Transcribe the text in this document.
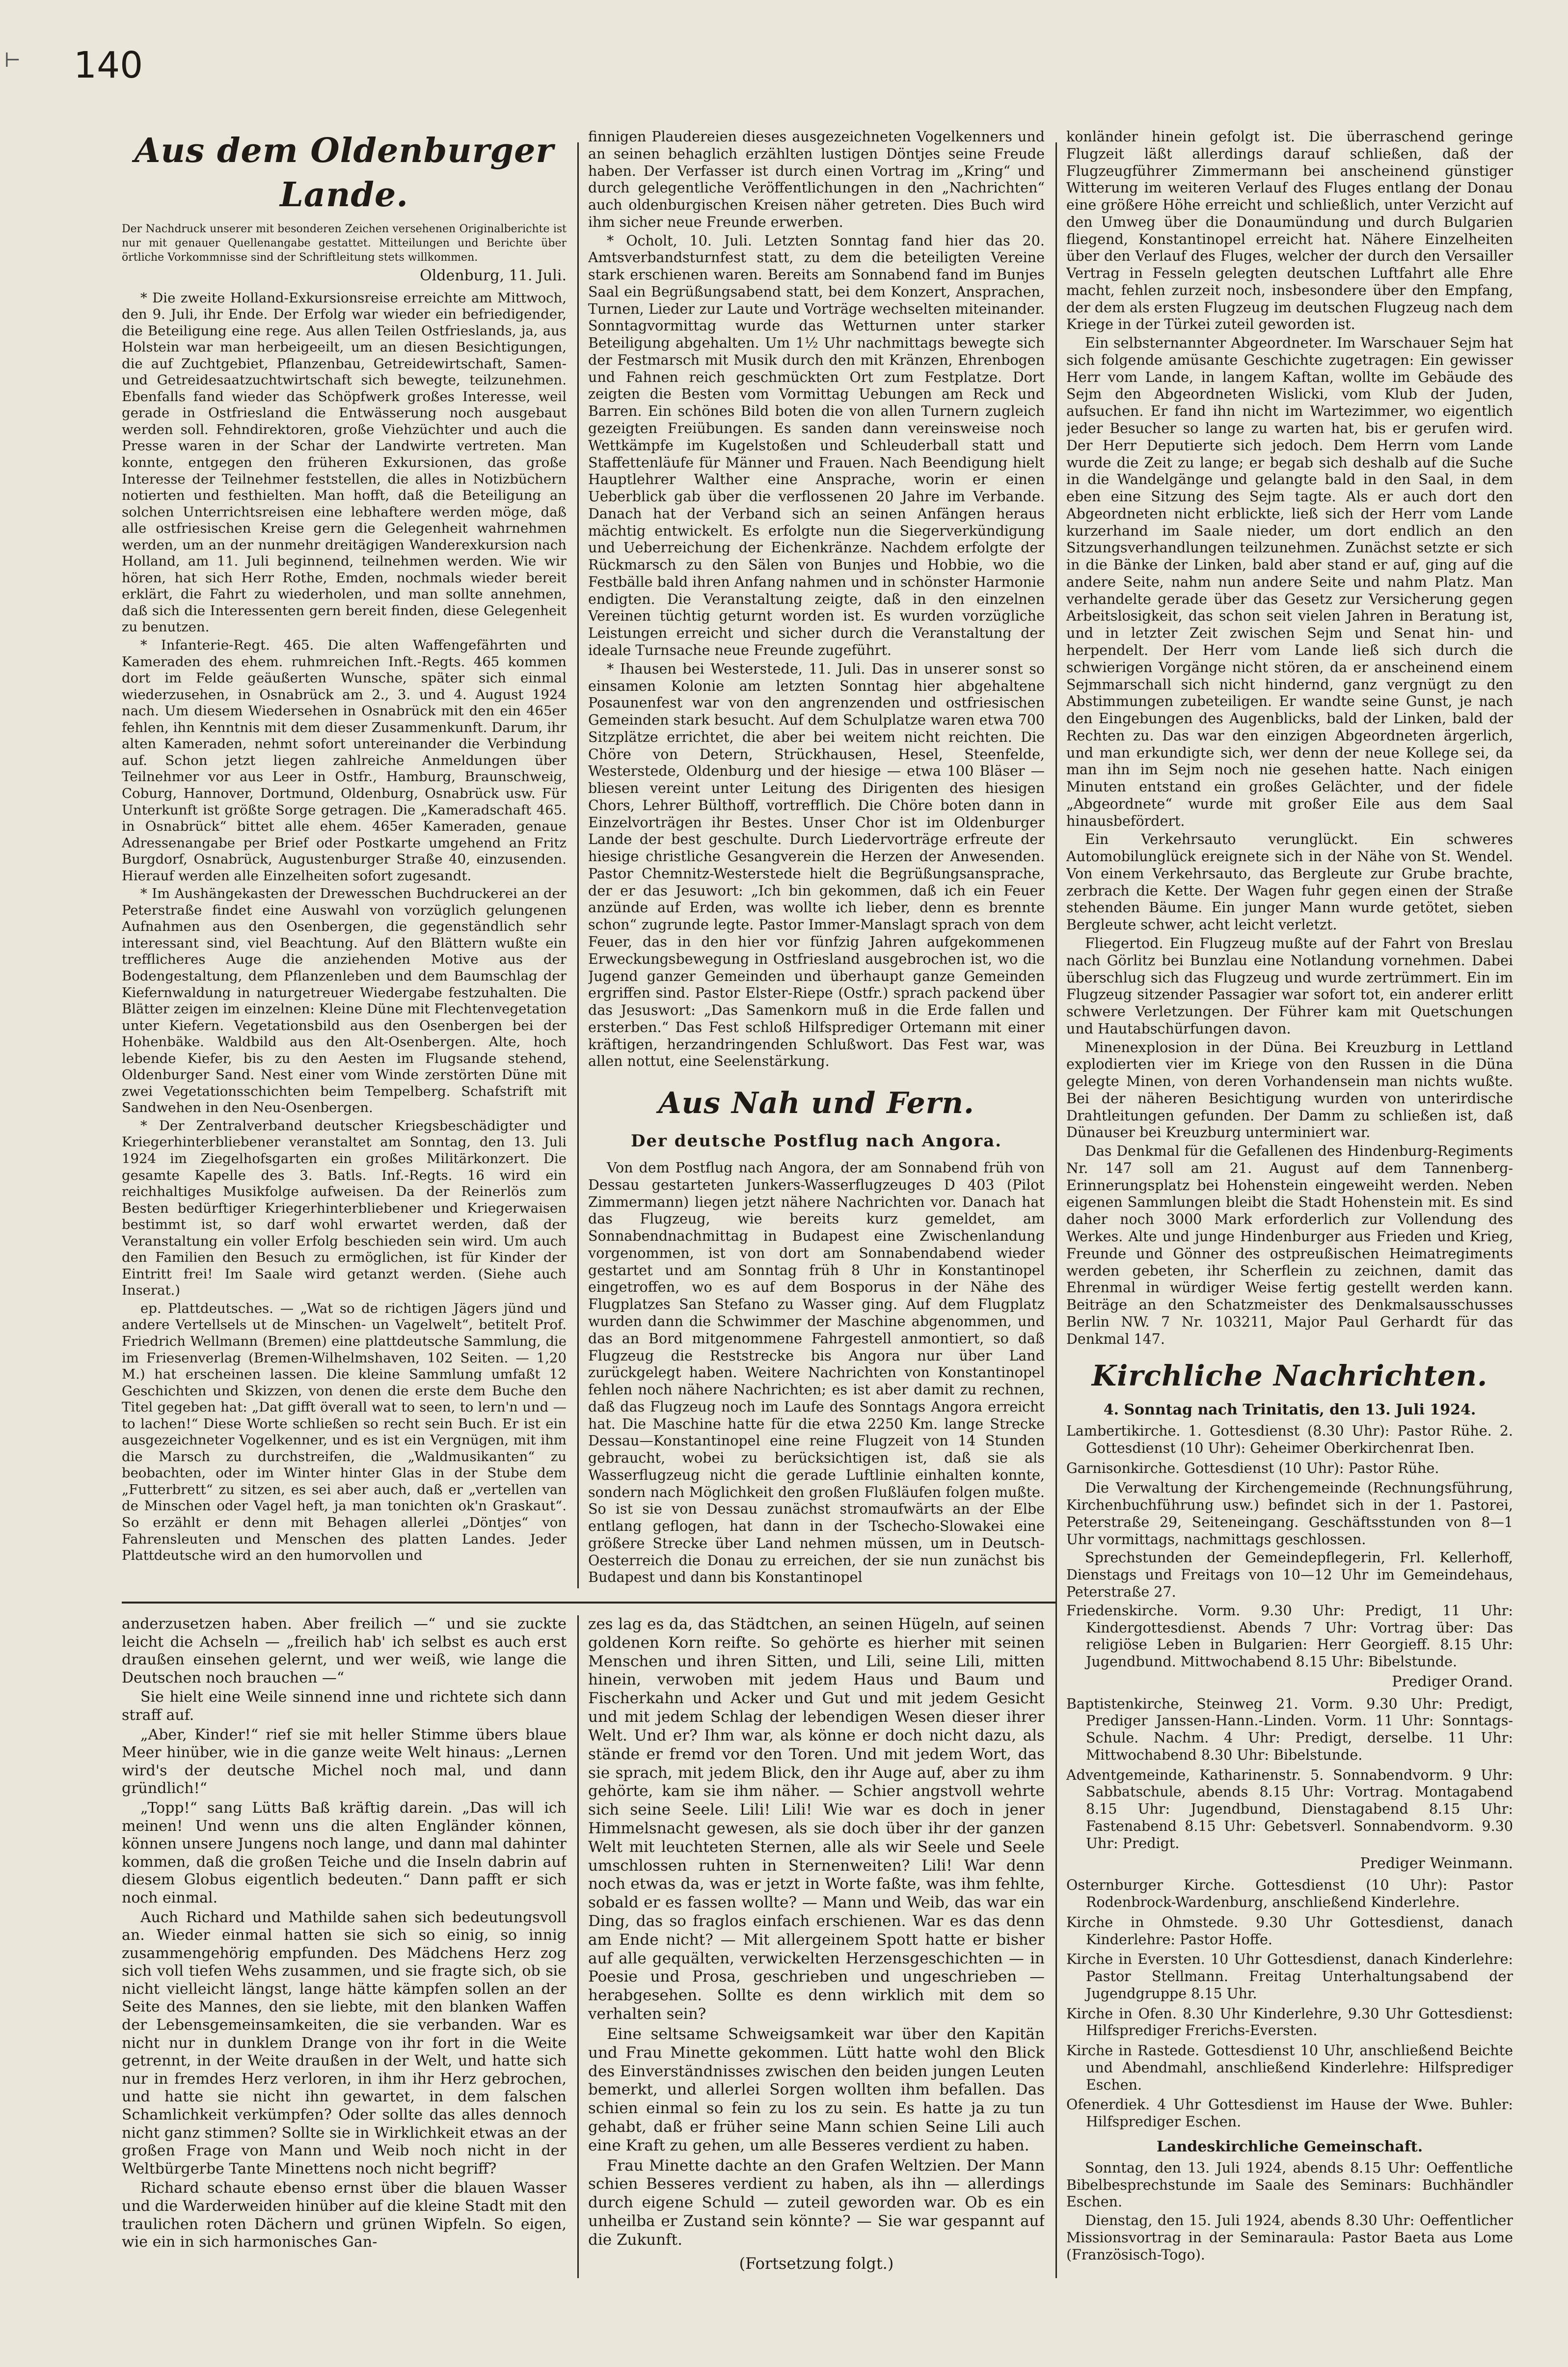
⊢ 140
Aus dem Oldenburger Lande.

Der Nachdruck unserer mit besonderen Zeichen versehenen Originalberichte ist nur mit genauer Quellenangabe gestattet. Mitteilungen und Berichte über örtliche Vorkommnisse sind der Schriftleitung stets willkommen.

Oldenburg, 11. Juli.

* Die zweite Holland-Exkursionsreise erreichte am Mittwoch, den 9. Juli, ihr Ende. Der Erfolg war wieder ein befriedigender, die Beteiligung eine rege. Aus allen Teilen Ostfrieslands, ja, aus Holstein war man herbeigeeilt, um an diesen Besichtigungen, die auf Zuchtgebiet, Pflanzenbau, Getreidewirtschaft, Samen- und Getreidesaatzuchtwirtschaft sich bewegte, teilzunehmen. Ebenfalls fand wieder das Schöpfwerk großes Interesse, weil gerade in Ostfriesland die Entwässerung noch ausgebaut werden soll. Fehndirektoren, große Viehzüchter und auch die Presse waren in der Schar der Landwirte vertreten. Man konnte, entgegen den früheren Exkursionen, das große Interesse der Teilnehmer feststellen, die alles in Notizbüchern notierten und festhielten. Man hofft, daß die Beteiligung an solchen Unterrichtsreisen eine lebhaftere werden möge, daß alle ostfriesischen Kreise gern die Gelegenheit wahrnehmen werden, um an der nunmehr dreitägigen Wanderexkursion nach Holland, am 11. Juli beginnend, teilnehmen werden. Wie wir hören, hat sich Herr Rothe, Emden, nochmals wieder bereit erklärt, die Fahrt zu wiederholen, und man sollte annehmen, daß sich die Interessenten gern bereit finden, diese Gelegenheit zu benutzen.

* Infanterie-Regt. 465. Die alten Waffengefährten und Kameraden des ehem. ruhmreichen Inft.-Regts. 465 kommen dort im Felde geäußerten Wunsche, später sich einmal wiederzusehen, in Osnabrück am 2., 3. und 4. August 1924 nach. Um diesem Wiedersehen in Osnabrück mit den ein 465er fehlen, ihn Kenntnis mit dem dieser Zusammenkunft. Darum, ihr alten Kameraden, nehmt sofort untereinander die Verbindung auf. Schon jetzt liegen zahlreiche Anmeldungen über Teilnehmer vor aus Leer in Ostfr., Hamburg, Braunschweig, Coburg, Hannover, Dortmund, Oldenburg, Osnabrück usw. Für Unterkunft ist größte Sorge getragen. Die „Kameradschaft 465. in Osnabrück“ bittet alle ehem. 465er Kameraden, genaue Adressenangabe per Brief oder Postkarte umgehend an Fritz Burgdorf, Osnabrück, Augustenburger Straße 40, einzusenden. Hierauf werden alle Einzelheiten sofort zugesandt.

* Im Aushängekasten der Drewesschen Buchdruckerei an der Peterstraße findet eine Auswahl von vorzüglich gelungenen Aufnahmen aus den Osenbergen, die gegenständlich sehr interessant sind, viel Beachtung. Auf den Blättern wußte ein trefflicheres Auge die anziehenden Motive aus der Bodengestaltung, dem Pflanzenleben und dem Baumschlag der Kiefernwaldung in naturgetreuer Wiedergabe festzuhalten. Die Blätter zeigen im einzelnen: Kleine Düne mit Flechtenvegetation unter Kiefern. Vegetationsbild aus den Osenbergen bei der Hohenbäke. Waldbild aus den Alt-Osenbergen. Alte, hoch lebende Kiefer, bis zu den Aesten im Flugsande stehend, Oldenburger Sand. Nest einer vom Winde zerstörten Düne mit zwei Vegetationsschichten beim Tempelberg. Schafstrift mit Sandwehen in den Neu-Osenbergen.

* Der Zentralverband deutscher Kriegsbeschädigter und Kriegerhinterbliebener veranstaltet am Sonntag, den 13. Juli 1924 im Ziegelhofsgarten ein großes Militärkonzert. Die gesamte Kapelle des 3. Batls. Inf.-Regts. 16 wird ein reichhaltiges Musikfolge aufweisen. Da der Reinerlös zum Besten bedürftiger Kriegerhinterbliebener und Kriegerwaisen bestimmt ist, so darf wohl erwartet werden, daß der Veranstaltung ein voller Erfolg beschieden sein wird. Um auch den Familien den Besuch zu ermöglichen, ist für Kinder der Eintritt frei! Im Saale wird getanzt werden. (Siehe auch Inserat.)

ep. Plattdeutsches. — „Wat so de richtigen Jägers jünd und andere Vertellsels ut de Minschen- un Vagelwelt“, betitelt Prof. Friedrich Wellmann (Bremen) eine plattdeutsche Sammlung, die im Friesenverlag (Bremen-Wilhelmshaven, 102 Seiten. — 1,20 M.) hat erscheinen lassen. Die kleine Sammlung umfaßt 12 Geschichten und Skizzen, von denen die erste dem Buche den Titel gegeben hat: „Dat gifft överall wat to seen, to lern'n und — to lachen!“ Diese Worte schließen so recht sein Buch. Er ist ein ausgezeichneter Vogelkenner, und es ist ein Vergnügen, mit ihm die Marsch zu durchstreifen, die „Waldmusikanten“ zu beobachten, oder im Winter hinter Glas in der Stube dem „Futterbrett“ zu sitzen, es sei aber auch, daß er „vertellen van de Minschen oder Vagel heft, ja man tonichten ok'n Graskaut“. So erzählt er denn mit Behagen allerlei „Döntjes“ von Fahrensleuten und Menschen des platten Landes. Jeder Plattdeutsche wird an den humorvollen und

finnigen Plaudereien dieses ausgezeichneten Vogelkenners und an seinen behaglich erzählten lustigen Döntjes seine Freude haben. Der Verfasser ist durch einen Vortrag im „Kring“ und durch gelegentliche Veröffentlichungen in den „Nachrichten“ auch oldenburgischen Kreisen näher getreten. Dies Buch wird ihm sicher neue Freunde erwerben.

* Ocholt, 10. Juli. Letzten Sonntag fand hier das 20. Amtsverbandsturnfest statt, zu dem die beteiligten Vereine stark erschienen waren. Bereits am Sonnabend fand im Bunjes Saal ein Begrüßungsabend statt, bei dem Konzert, Ansprachen, Turnen, Lieder zur Laute und Vorträge wechselten miteinander. Sonntagvormittag wurde das Wetturnen unter starker Beteiligung abgehalten. Um 1½ Uhr nachmittags bewegte sich der Festmarsch mit Musik durch den mit Kränzen, Ehrenbogen und Fahnen reich geschmückten Ort zum Festplatze. Dort zeigten die Besten vom Vormittag Uebungen am Reck und Barren. Ein schönes Bild boten die von allen Turnern zugleich gezeigten Freiübungen. Es sanden dann vereinsweise noch Wettkämpfe im Kugelstoßen und Schleuderball statt und Staffettenläufe für Männer und Frauen. Nach Beendigung hielt Hauptlehrer Walther eine Ansprache, worin er einen Ueberblick gab über die verflossenen 20 Jahre im Verbande. Danach hat der Verband sich an seinen Anfängen heraus mächtig entwickelt. Es erfolgte nun die Siegerverkündigung und Ueberreichung der Eichenkränze. Nachdem erfolgte der Rückmarsch zu den Sälen von Bunjes und Hobbie, wo die Festbälle bald ihren Anfang nahmen und in schönster Harmonie endigten. Die Veranstaltung zeigte, daß in den einzelnen Vereinen tüchtig geturnt worden ist. Es wurden vorzügliche Leistungen erreicht und sicher durch die Veranstaltung der ideale Turnsache neue Freunde zugeführt.

* Ihausen bei Westerstede, 11. Juli. Das in unserer sonst so einsamen Kolonie am letzten Sonntag hier abgehaltene Posaunenfest war von den angrenzenden und ostfriesischen Gemeinden stark besucht. Auf dem Schulplatze waren etwa 700 Sitzplätze errichtet, die aber bei weitem nicht reichten. Die Chöre von Detern, Strückhausen, Hesel, Steenfelde, Westerstede, Oldenburg und der hiesige — etwa 100 Bläser — bliesen vereint unter Leitung des Dirigenten des hiesigen Chors, Lehrer Bülthoff, vortrefflich. Die Chöre boten dann in Einzelvorträgen ihr Bestes. Unser Chor ist im Oldenburger Lande der best geschulte. Durch Liedervorträge erfreute der hiesige christliche Gesangverein die Herzen der Anwesenden. Pastor Chemnitz-Westerstede hielt die Begrüßungsansprache, der er das Jesuwort: „Ich bin gekommen, daß ich ein Feuer anzünde auf Erden, was wollte ich lieber, denn es brennte schon“ zugrunde legte. Pastor Immer-Manslagt sprach von dem Feuer, das in den hier vor fünfzig Jahren aufgekommenen Erweckungsbewegung in Ostfriesland ausgebrochen ist, wo die Jugend ganzer Gemeinden und überhaupt ganze Gemeinden ergriffen sind. Pastor Elster-Riepe (Ostfr.) sprach packend über das Jesuswort: „Das Samenkorn muß in die Erde fallen und ersterben.“ Das Fest schloß Hilfsprediger Ortemann mit einer kräftigen, herzandringenden Schlußwort. Das Fest war, was allen nottut, eine Seelenstärkung.

Aus Nah und Fern.
Der deutsche Postflug nach Angora.

Von dem Postflug nach Angora, der am Sonnabend früh von Dessau gestarteten Junkers-Wasserflugzeuges D 403 (Pilot Zimmermann) liegen jetzt nähere Nachrichten vor. Danach hat das Flugzeug, wie bereits kurz gemeldet, am Sonnabendnachmittag in Budapest eine Zwischenlandung vorgenommen, ist von dort am Sonnabendabend wieder gestartet und am Sonntag früh 8 Uhr in Konstantinopel eingetroffen, wo es auf dem Bosporus in der Nähe des Flugplatzes San Stefano zu Wasser ging. Auf dem Flugplatz wurden dann die Schwimmer der Maschine abgenommen, und das an Bord mitgenommene Fahrgestell anmontiert, so daß Flugzeug die Reststrecke bis Angora nur über Land zurückgelegt haben. Weitere Nachrichten von Konstantinopel fehlen noch nähere Nachrichten; es ist aber damit zu rechnen, daß das Flugzeug noch im Laufe des Sonntags Angora erreicht hat. Die Maschine hatte für die etwa 2250 Km. lange Strecke Dessau—Konstantinopel eine reine Flugzeit von 14 Stunden gebraucht, wobei zu berücksichtigen ist, daß sie als Wasserflugzeug nicht die gerade Luftlinie einhalten konnte, sondern nach Möglichkeit den großen Flußläufen folgen mußte. So ist sie von Dessau zunächst stromaufwärts an der Elbe entlang geflogen, hat dann in der Tschecho-Slowakei eine größere Strecke über Land nehmen müssen, um in Deutsch-Oesterreich die Donau zu erreichen, der sie nun zunächst bis Budapest und dann bis Konstantinopel

konländer hinein gefolgt ist. Die überraschend geringe Flugzeit läßt allerdings darauf schließen, daß der Flugzeugführer Zimmermann bei anscheinend günstiger Witterung im weiteren Verlauf des Fluges entlang der Donau eine größere Höhe erreicht und schließlich, unter Verzicht auf den Umweg über die Donaumündung und durch Bulgarien fliegend, Konstantinopel erreicht hat. Nähere Einzelheiten über den Verlauf des Fluges, welcher der durch den Versailler Vertrag in Fesseln gelegten deutschen Luftfahrt alle Ehre macht, fehlen zurzeit noch, insbesondere über den Empfang, der dem als ersten Flugzeug im deutschen Flugzeug nach dem Kriege in der Türkei zuteil geworden ist.

Ein selbsternannter Abgeordneter. Im Warschauer Sejm hat sich folgende amüsante Geschichte zugetragen: Ein gewisser Herr vom Lande, in langem Kaftan, wollte im Gebäude des Sejm den Abgeordneten Wislicki, vom Klub der Juden, aufsuchen. Er fand ihn nicht im Wartezimmer, wo eigentlich jeder Besucher so lange zu warten hat, bis er gerufen wird. Der Herr Deputierte sich jedoch. Dem Herrn vom Lande wurde die Zeit zu lange; er begab sich deshalb auf die Suche in die Wandelgänge und gelangte bald in den Saal, in dem eben eine Sitzung des Sejm tagte. Als er auch dort den Abgeordneten nicht erblickte, ließ sich der Herr vom Lande kurzerhand im Saale nieder, um dort endlich an den Sitzungsverhandlungen teilzunehmen. Zunächst setzte er sich in die Bänke der Linken, bald aber stand er auf, ging auf die andere Seite, nahm nun andere Seite und nahm Platz. Man verhandelte gerade über das Gesetz zur Versicherung gegen Arbeitslosigkeit, das schon seit vielen Jahren in Beratung ist, und in letzter Zeit zwischen Sejm und Senat hin- und herpendelt. Der Herr vom Lande ließ sich durch die schwierigen Vorgänge nicht stören, da er anscheinend einem Sejmmarschall sich nicht hindernd, ganz vergnügt zu den Abstimmungen zubeteiligen. Er wandte seine Gunst, je nach den Eingebungen des Augenblicks, bald der Linken, bald der Rechten zu. Das war den einzigen Abgeordneten ärgerlich, und man erkundigte sich, wer denn der neue Kollege sei, da man ihn im Sejm noch nie gesehen hatte. Nach einigen Minuten entstand ein großes Gelächter, und der fidele „Abgeordnete“ wurde mit großer Eile aus dem Saal hinausbefördert.

Ein Verkehrsauto verunglückt. Ein schweres Automobilunglück ereignete sich in der Nähe von St. Wendel. Von einem Verkehrsauto, das Bergleute zur Grube brachte, zerbrach die Kette. Der Wagen fuhr gegen einen der Straße stehenden Bäume. Ein junger Mann wurde getötet, sieben Bergleute schwer, acht leicht verletzt.

Fliegertod. Ein Flugzeug mußte auf der Fahrt von Breslau nach Görlitz bei Bunzlau eine Notlandung vornehmen. Dabei überschlug sich das Flugzeug und wurde zertrümmert. Ein im Flugzeug sitzender Passagier war sofort tot, ein anderer erlitt schwere Verletzungen. Der Führer kam mit Quetschungen und Hautabschürfungen davon.

Minenexplosion in der Düna. Bei Kreuzburg in Lettland explodierten vier im Kriege von den Russen in die Düna gelegte Minen, von deren Vorhandensein man nichts wußte. Bei der näheren Besichtigung wurden von unterirdische Drahtleitungen gefunden. Der Damm zu schließen ist, daß Dünauser bei Kreuzburg unterminiert war.

Das Denkmal für die Gefallenen des Hindenburg-Regiments Nr. 147 soll am 21. August auf dem Tannenberg-Erinnerungsplatz bei Hohenstein eingeweiht werden. Neben eigenen Sammlungen bleibt die Stadt Hohenstein mit. Es sind daher noch 3000 Mark erforderlich zur Vollendung des Werkes. Alte und junge Hindenburger aus Frieden und Krieg, Freunde und Gönner des ostpreußischen Heimatregiments werden gebeten, ihr Scherflein zu zeichnen, damit das Ehrenmal in würdiger Weise fertig gestellt werden kann. Beiträge an den Schatzmeister des Denkmalsausschusses Berlin NW. 7 Nr. 103211, Major Paul Gerhardt für das Denkmal 147.

Kirchliche Nachrichten.
4. Sonntag nach Trinitatis, den 13. Juli 1924.

Lambertikirche. 1. Gottesdienst (8.30 Uhr): Pastor Rühe. 2. Gottesdienst (10 Uhr): Geheimer Oberkirchenrat Iben.

Garnisonkirche. Gottesdienst (10 Uhr): Pastor Rühe.

Die Verwaltung der Kirchengemeinde (Rechnungsführung, Kirchenbuchführung usw.) befindet sich in der 1. Pastorei, Peterstraße 29, Seiteneingang. Geschäftsstunden von 8—1 Uhr vormittags, nachmittags geschlossen.

Sprechstunden der Gemeindepflegerin, Frl. Kellerhoff, Dienstags und Freitags von 10—12 Uhr im Gemeindehaus, Peterstraße 27.

Friedenskirche. Vorm. 9.30 Uhr: Predigt, 11 Uhr: Kindergottesdienst. Abends 7 Uhr: Vortrag über: Das religiöse Leben in Bulgarien: Herr Georgieff. 8.15 Uhr: Jugendbund. Mittwochabend 8.15 Uhr: Bibelstunde.

Prediger Orand.

Baptistenkirche, Steinweg 21. Vorm. 9.30 Uhr: Predigt, Prediger Janssen-Hann.-Linden. Vorm. 11 Uhr: Sonntags-Schule. Nachm. 4 Uhr: Predigt, derselbe. 11 Uhr: Mittwochabend 8.30 Uhr: Bibelstunde.

Adventgemeinde, Katharinenstr. 5. Sonnabendvorm. 9 Uhr: Sabbatschule, abends 8.15 Uhr: Vortrag. Montagabend 8.15 Uhr: Jugendbund, Dienstagabend 8.15 Uhr: Fastenabend 8.15 Uhr: Gebetsverl. Sonnabendvorm. 9.30 Uhr: Predigt.

Prediger Weinmann.

Osternburger Kirche. Gottesdienst (10 Uhr): Pastor Rodenbrock-Wardenburg, anschließend Kinderlehre.

Kirche in Ohmstede. 9.30 Uhr Gottesdienst, danach Kinderlehre: Pastor Hoffe.

Kirche in Eversten. 10 Uhr Gottesdienst, danach Kinderlehre: Pastor Stellmann. Freitag Unterhaltungsabend der Jugendgruppe 8.15 Uhr.

Kirche in Ofen. 8.30 Uhr Kinderlehre, 9.30 Uhr Gottesdienst: Hilfsprediger Frerichs-Eversten.

Kirche in Rastede. Gottesdienst 10 Uhr, anschließend Beichte und Abendmahl, anschließend Kinderlehre: Hilfsprediger Eschen.

Ofenerdiek. 4 Uhr Gottesdienst im Hause der Wwe. Buhler: Hilfsprediger Eschen.

Landeskirchliche Gemeinschaft.

Sonntag, den 13. Juli 1924, abends 8.15 Uhr: Oeffentliche Bibelbesprechstunde im Saale des Seminars: Buchhändler Eschen.

Dienstag, den 15. Juli 1924, abends 8.30 Uhr: Oeffentlicher Missionsvortrag in der Seminaraula: Pastor Baeta aus Lome (Französisch-Togo).

anderzusetzen haben. Aber freilich —“ und sie zuckte leicht die Achseln — „freilich hab' ich selbst es auch erst draußen einsehen gelernt, und wer weiß, wie lange die Deutschen noch brauchen —“

Sie hielt eine Weile sinnend inne und richtete sich dann straff auf.

„Aber, Kinder!“ rief sie mit heller Stimme übers blaue Meer hinüber, wie in die ganze weite Welt hinaus: „Lernen wird's der deutsche Michel noch mal, und dann gründlich!“

„Topp!“ sang Lütts Baß kräftig darein. „Das will ich meinen! Und wenn uns die alten Engländer können, können unsere Jungens noch lange, und dann mal dahinter kommen, daß die großen Teiche und die Inseln dabrin auf diesem Globus eigentlich bedeuten.“ Dann pafft er sich noch einmal.

Auch Richard und Mathilde sahen sich bedeutungsvoll an. Wieder einmal hatten sie sich so einig, so innig zusammengehörig empfunden. Des Mädchens Herz zog sich voll tiefen Wehs zusammen, und sie fragte sich, ob sie nicht vielleicht längst, lange hätte kämpfen sollen an der Seite des Mannes, den sie liebte, mit den blanken Waffen der Lebensgemeinsamkeiten, die sie verbanden. War es nicht nur in dunklem Drange von ihr fort in die Weite getrennt, in der Weite draußen in der Welt, und hatte sich nur in fremdes Herz verloren, in ihm ihr Herz gebrochen, und hatte sie nicht ihn gewartet, in dem falschen Schamlichkeit verkümpfen? Oder sollte das alles dennoch nicht ganz stimmen? Sollte sie in Wirklichkeit etwas an der großen Frage von Mann und Weib noch nicht in der Weltbürgerbe Tante Minettens noch nicht begriff?

Richard schaute ebenso ernst über die blauen Wasser und die Warderweiden hinüber auf die kleine Stadt mit den traulichen roten Dächern und grünen Wipfeln. So eigen, wie ein in sich harmonisches Gan-

zes lag es da, das Städtchen, an seinen Hügeln, auf seinen goldenen Korn reifte. So gehörte es hierher mit seinen Menschen und ihren Sitten, und Lili, seine Lili, mitten hinein, verwoben mit jedem Haus und Baum und Fischerkahn und Acker und Gut und mit jedem Gesicht und mit jedem Schlag der lebendigen Wesen dieser ihrer Welt. Und er? Ihm war, als könne er doch nicht dazu, als stände er fremd vor den Toren. Und mit jedem Wort, das sie sprach, mit jedem Blick, den ihr Auge auf, aber zu ihm gehörte, kam sie ihm näher. — Schier angstvoll wehrte sich seine Seele. Lili! Lili! Wie war es doch in jener Himmelsnacht gewesen, als sie doch über ihr der ganzen Welt mit leuchteten Sternen, alle als wir Seele und Seele umschlossen ruhten in Sternenweiten? Lili! War denn noch etwas da, was er jetzt in Worte faßte, was ihm fehlte, sobald er es fassen wollte? — Mann und Weib, das war ein Ding, das so fraglos einfach erschienen. War es das denn am Ende nicht? — Mit allergeinem Spott hatte er bisher auf alle gequälten, verwickelten Herzensgeschichten — in Poesie und Prosa, geschrieben und ungeschrieben — herabgesehen. Sollte es denn wirklich mit dem so verhalten sein?

Eine seltsame Schweigsamkeit war über den Kapitän und Frau Minette gekommen. Lütt hatte wohl den Blick des Einverständnisses zwischen den beiden jungen Leuten bemerkt, und allerlei Sorgen wollten ihm befallen. Das schien einmal so fein zu los zu sein. Es hatte ja zu tun gehabt, daß er früher seine Mann schien Seine Lili auch eine Kraft zu gehen, um alle Besseres verdient zu haben.

Frau Minette dachte an den Grafen Weltzien. Der Mann schien Besseres verdient zu haben, als ihn — allerdings durch eigene Schuld — zuteil geworden war. Ob es ein unheilba er Zustand sein könnte? — Sie war gespannt auf die Zukunft.

(Fortsetzung folgt.)
